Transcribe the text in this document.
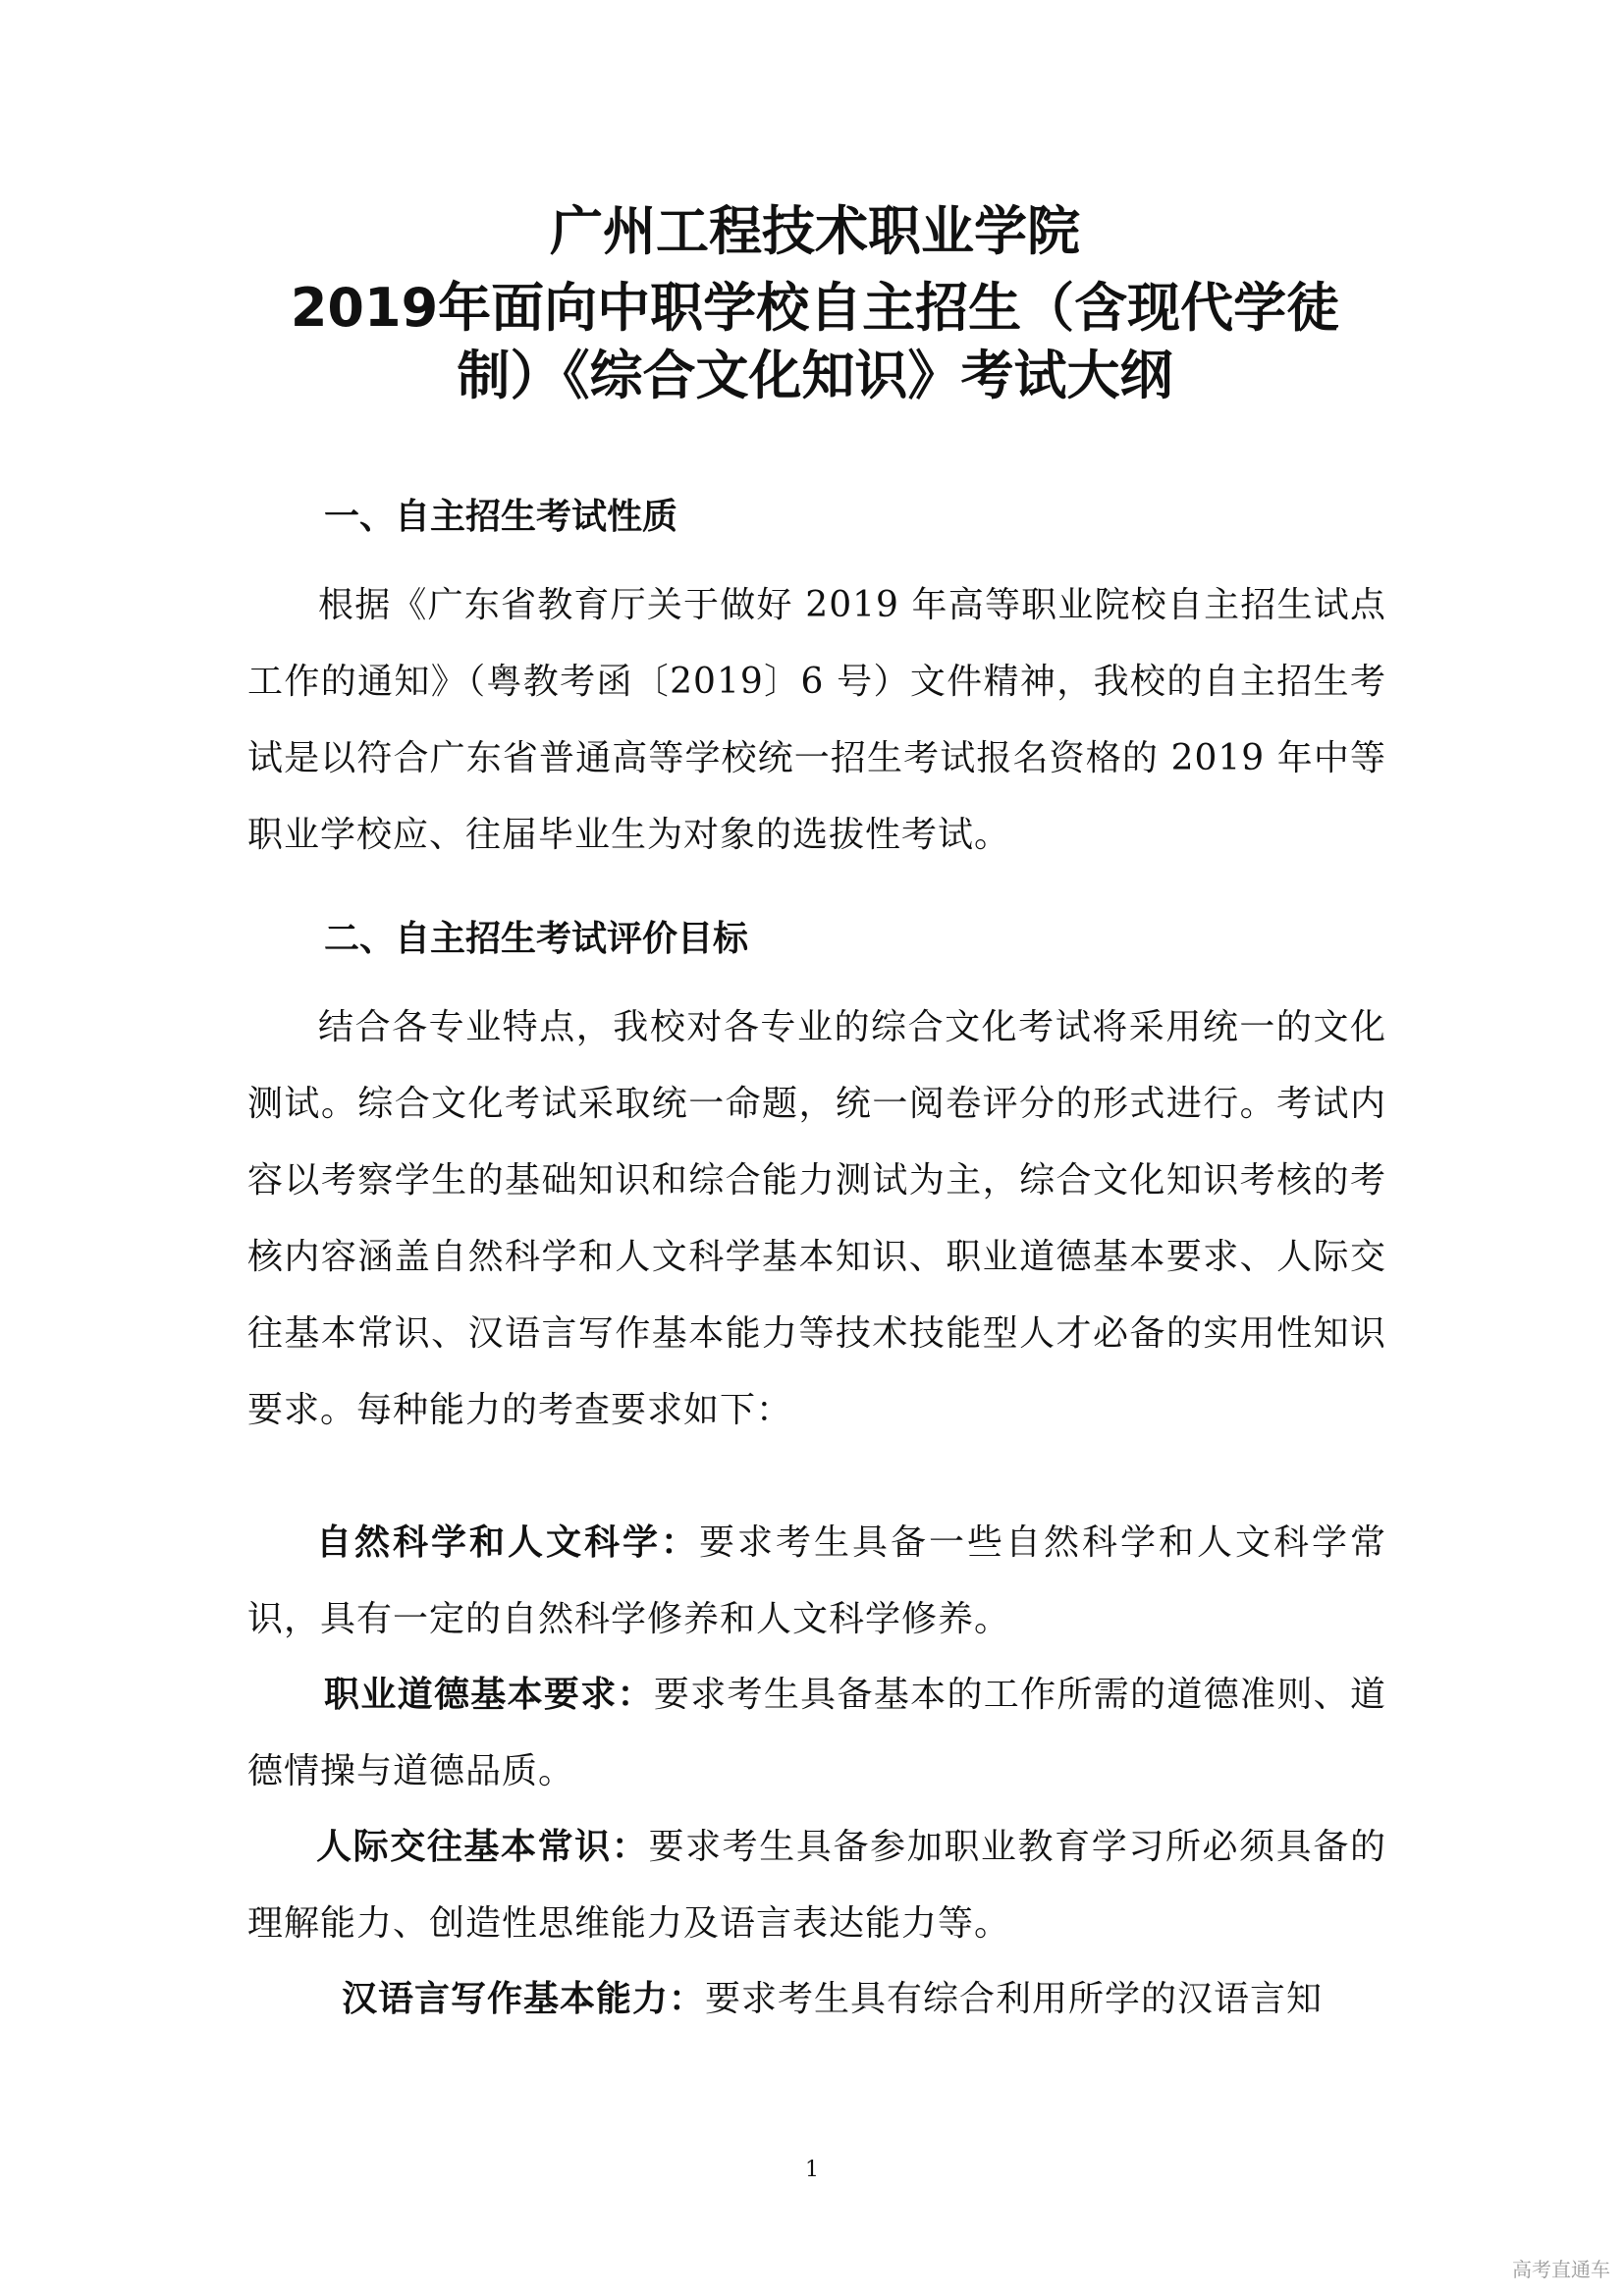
广州工程技术职业学院
2019年面向中职学校自主招生（含现代学徒
制）《综合文化知识》考试大纲
一、自主招生考试性质
根据《广东省教育厅关于做好 2019 年高等职业院校自主招生试点工作的通知》（粤教考函〔2019〕6 号）文件精神，我校的自主招生考试是以符合广东省普通高等学校统一招生考试报名资格的 2019 年中等职业学校应、往届毕业生为对象的选拔性考试。
二、自主招生考试评价目标
结合各专业特点，我校对各专业的综合文化考试将采用统一的文化测试。综合文化考试采取统一命题，统一阅卷评分的形式进行。考试内容以考察学生的基础知识和综合能力测试为主，综合文化知识考核的考核内容涵盖自然科学和人文科学基本知识、职业道德基本要求、人际交往基本常识、汉语言写作基本能力等技术技能型人才必备的实用性知识要求。每种能力的考查要求如下：
自然科学和人文科学：要求考生具备一些自然科学和人文科学常识，具有一定的自然科学修养和人文科学修养。
职业道德基本要求：要求考生具备基本的工作所需的道德准则、道德情操与道德品质。
人际交往基本常识：要求考生具备参加职业教育学习所必须具备的理解能力、创造性思维能力及语言表达能力等。
汉语言写作基本能力：要求考生具有综合利用所学的汉语言知
1
高考直通车
